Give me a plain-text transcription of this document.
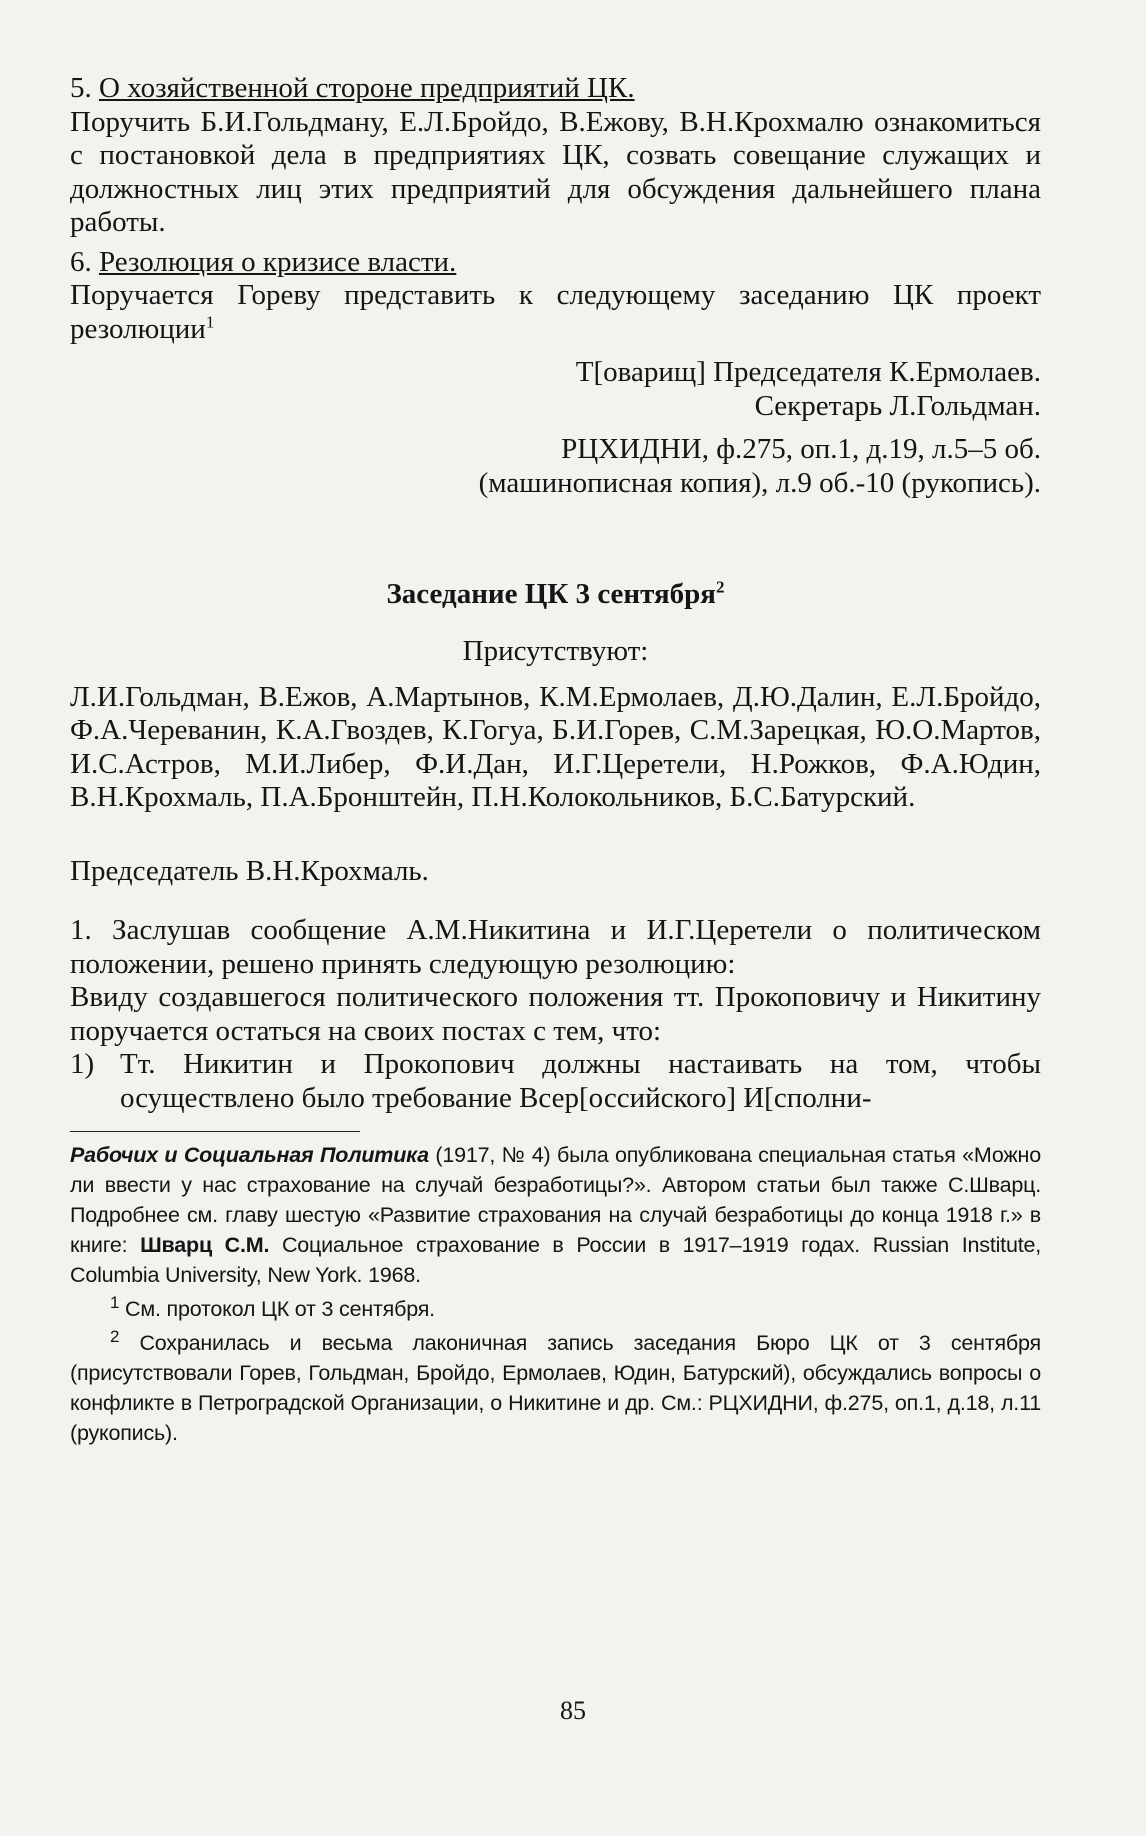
5. О хозяйственной стороне предприятий ЦК.

Поручить Б.И.Гольдману, Е.Л.Бройдо, В.Ежову, В.Н.Крохмалю ознакомиться с постановкой дела в предприятиях ЦК, созвать совещание служащих и должностных лиц этих предприятий для обсуждения дальнейшего плана работы.

6. Резолюция о кризисе власти.

Поручается Гореву представить к следующему заседанию ЦК проект резолюции$^1$

Т[оварищ] Председателя К.Ермолаев.

Секретарь Л.Гольдман.

РЦХИДНИ, ф.275, оп.1, д.19, л.5–5 об.

(машинописная копия), л.9 об.-10 (рукопись).

Заседание ЦК 3 сентября$^2$

Присутствуют:

Л.И.Гольдман, В.Ежов, А.Мартынов, К.М.Ермолаев, Д.Ю.Далин, Е.Л.Бройдо, Ф.А.Череванин, К.А.Гвоздев, К.Гогуа, Б.И.Горев, С.М.Зарецкая, Ю.О.Мартов, И.С.Астров, М.И.Либер, Ф.И.Дан, И.Г.Церетели, Н.Рожков, Ф.А.Юдин, В.Н.Крохмаль, П.А.Бронштейн, П.Н.Колокольников, Б.С.Батурский.

Председатель В.Н.Крохмаль.

1. Заслушав сообщение А.М.Никитина и И.Г.Церетели о политическом положении, решено принять следующую резолюцию:

Ввиду создавшегося политического положения тт. Прокоповичу и Никитину поручается остаться на своих постах с тем, что:

1) Тт. Никитин и Прокопович должны настаивать на том, чтобы осуществлено было требование Всер[оссийского] И[сполни-

Рабочих и Социальная Политика (1917, № 4) была опубликована специальная статья «Можно ли ввести у нас страхование на случай безработицы?». Автором статьи был также С.Шварц. Подробнее см. главу шестую «Развитие страхования на случай безработицы до конца 1918 г.» в книге: Шварц С.М. Социальное страхование в России в 1917–1919 годах. Russian Institute, Columbia University, New York. 1968.

$^1$ См. протокол ЦК от 3 сентября.

$^2$ Сохранилась и весьма лаконичная запись заседания Бюро ЦК от 3 сентября (присутствовали Горев, Гольдман, Бройдо, Ермолаев, Юдин, Батурский), обсуждались вопросы о конфликте в Петроградской Организации, о Никитине и др. См.: РЦХИДНИ, ф.275, оп.1, д.18, л.11 (рукопись).

85
